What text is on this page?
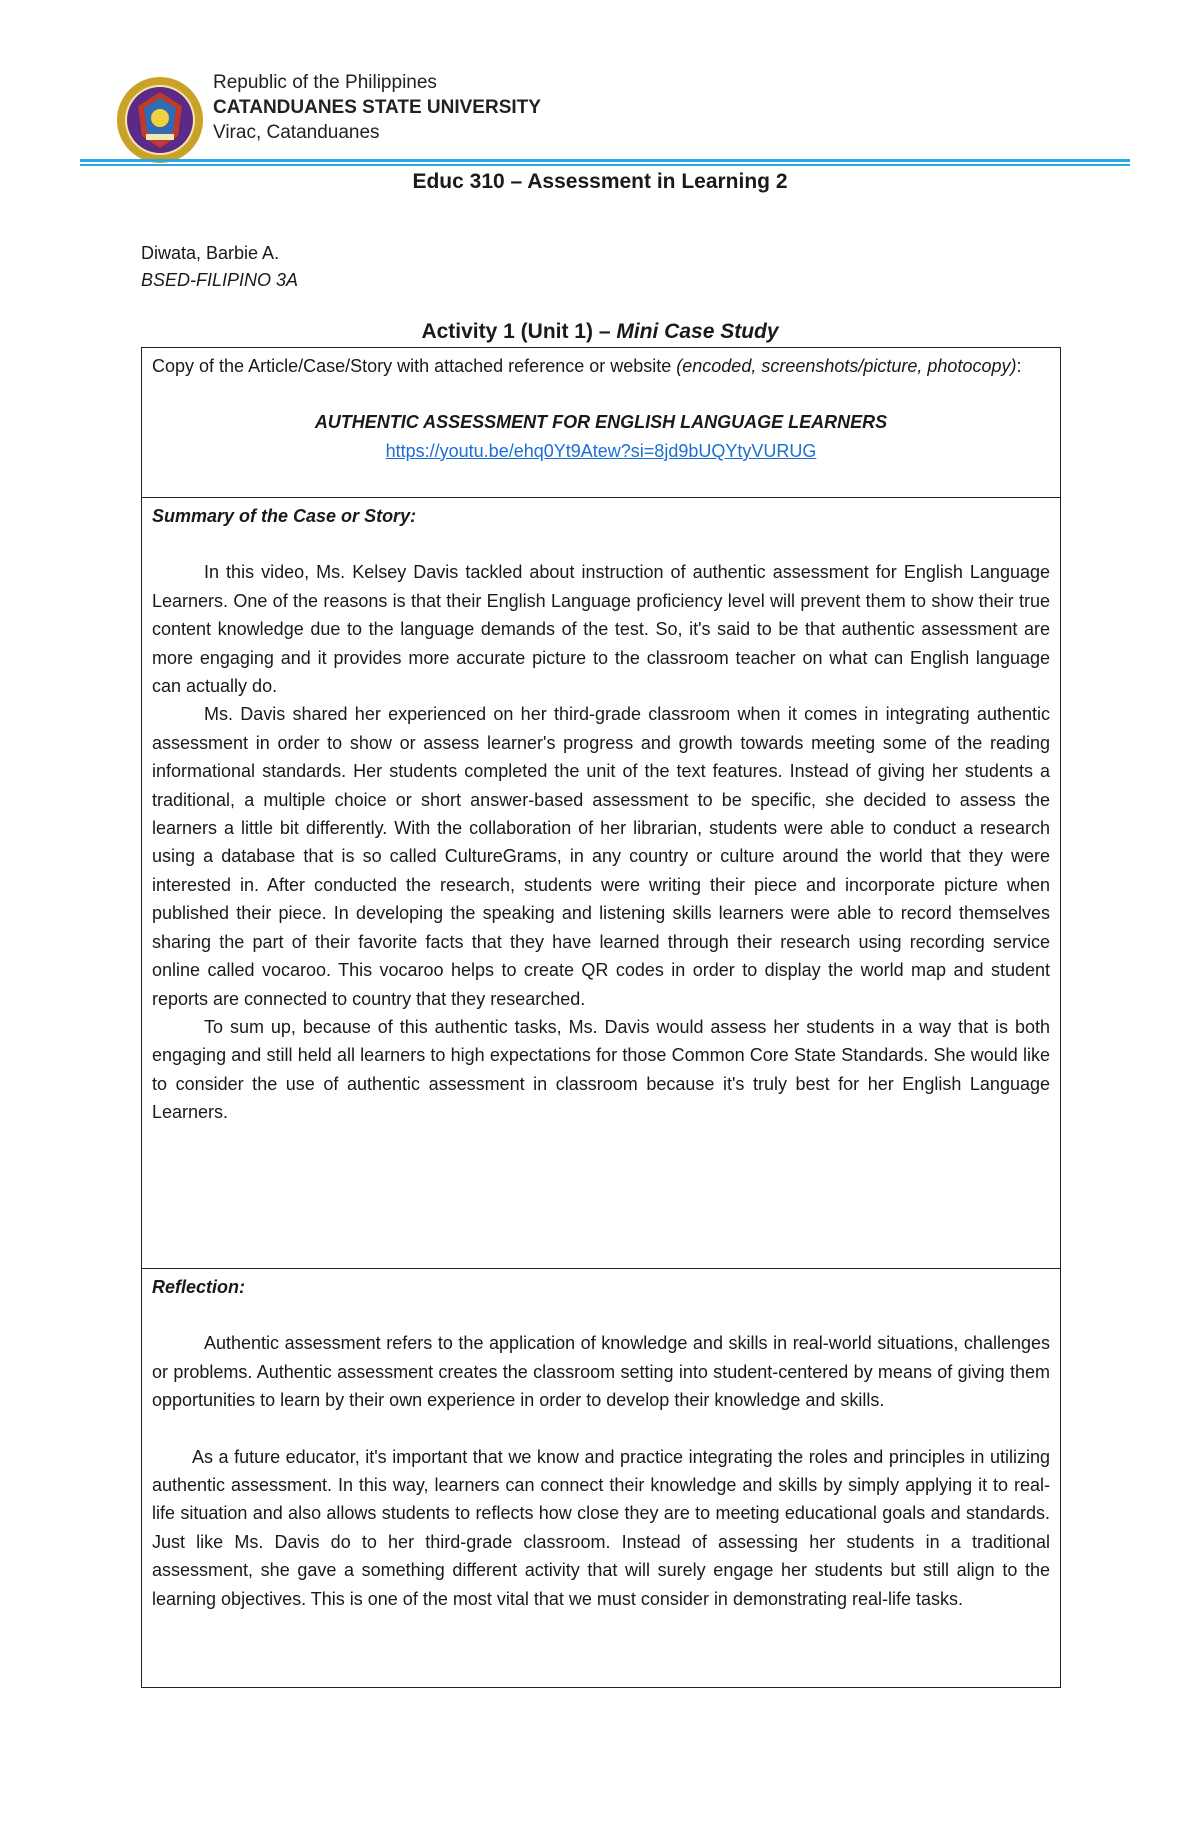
Republic of the Philippines
CATANDUANES STATE UNIVERSITY
Virac, Catanduanes
Educ 310 – Assessment in Learning 2
Diwata, Barbie A.
BSED-FILIPINO 3A
Activity 1 (Unit 1) – Mini Case Study
Copy of the Article/Case/Story with attached reference or website (encoded, screenshots/picture, photocopy):
AUTHENTIC ASSESSMENT FOR ENGLISH LANGUAGE LEARNERS
https://youtu.be/ehq0Yt9Atew?si=8jd9bUQYtyVURUG
Summary of the Case or Story:

In this video, Ms. Kelsey Davis tackled about instruction of authentic assessment for English Language Learners. One of the reasons is that their English Language proficiency level will prevent them to show their true content knowledge due to the language demands of the test. So, it's said to be that authentic assessment are more engaging and it provides more accurate picture to the classroom teacher on what can English language can actually do.

Ms. Davis shared her experienced on her third-grade classroom when it comes in integrating authentic assessment in order to show or assess learner's progress and growth towards meeting some of the reading informational standards. Her students completed the unit of the text features. Instead of giving her students a traditional, a multiple choice or short answer-based assessment to be specific, she decided to assess the learners a little bit differently. With the collaboration of her librarian, students were able to conduct a research using a database that is so called CultureGrams, in any country or culture around the world that they were interested in. After conducted the research, students were writing their piece and incorporate picture when published their piece. In developing the speaking and listening skills learners were able to record themselves sharing the part of their favorite facts that they have learned through their research using recording service online called vocaroo. This vocaroo helps to create QR codes in order to display the world map and student reports are connected to country that they researched.

To sum up, because of this authentic tasks, Ms. Davis would assess her students in a way that is both engaging and still held all learners to high expectations for those Common Core State Standards. She would like to consider the use of authentic assessment in classroom because it's truly best for her English Language Learners.

Reflection:

Authentic assessment refers to the application of knowledge and skills in real-world situations, challenges or problems. Authentic assessment creates the classroom setting into student-centered by means of giving them opportunities to learn by their own experience in order to develop their knowledge and skills.

As a future educator, it's important that we know and practice integrating the roles and principles in utilizing authentic assessment. In this way, learners can connect their knowledge and skills by simply applying it to real-life situation and also allows students to reflects how close they are to meeting educational goals and standards. Just like Ms. Davis do to her third-grade classroom. Instead of assessing her students in a traditional assessment, she gave a something different activity that will surely engage her students but still align to the learning objectives. This is one of the most vital that we must consider in demonstrating real-life tasks.
